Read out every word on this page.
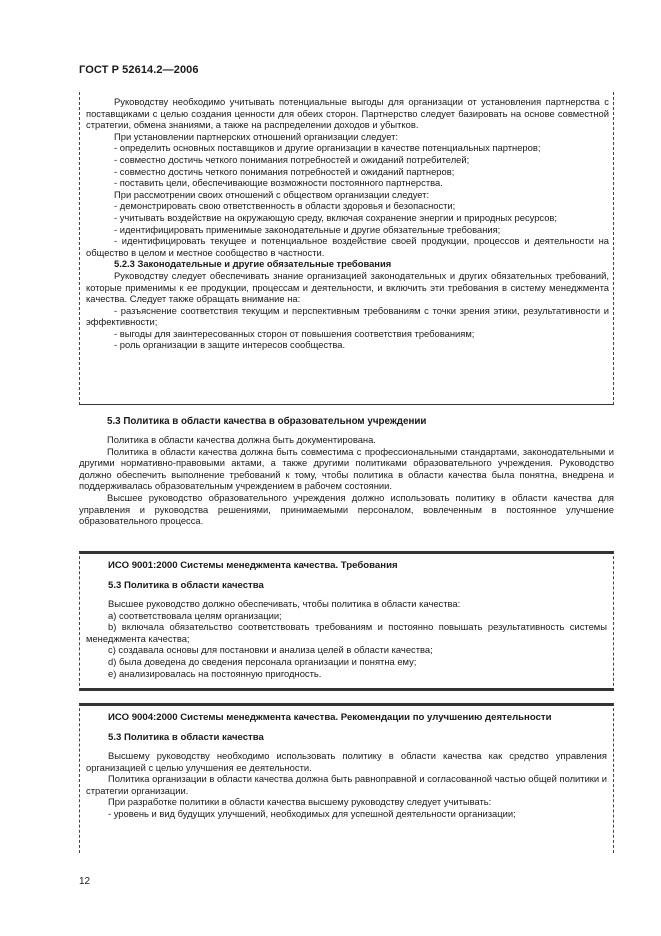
ГОСТ Р 52614.2—2006

Руководству необходимо учитывать потенциальные выгоды для организации от установления партнерства с поставщиками с целью создания ценности для обеих сторон. Партнерство следует базировать на основе совместной стратегии, обмена знаниями, а также на распределении доходов и убытков.

При установлении партнерских отношений организации следует:

- определить основных поставщиков и другие организации в качестве потенциальных партнеров;

- совместно достичь четкого понимания потребностей и ожиданий потребителей;

- совместно достичь четкого понимания потребностей и ожиданий партнеров;

- поставить цели, обеспечивающие возможности постоянного партнерства.

При рассмотрении своих отношений с обществом организации следует:

- демонстрировать свою ответственность в области здоровья и безопасности;

- учитывать воздействие на окружающую среду, включая сохранение энергии и природных ресурсов;

- идентифицировать применимые законодательные и другие обязательные требования;

- идентифицировать текущее и потенциальное воздействие своей продукции, процессов и деятельности на общество в целом и местное сообщество в частности.

5.2.3 Законодательные и другие обязательные требования

Руководству следует обеспечивать знание организацией законодательных и других обязательных требований, которые применимы к ее продукции, процессам и деятельности, и включить эти требования в систему менеджмента качества. Следует также обращать внимание на:

- разъяснение соответствия текущим и перспективным требованиям с точки зрения этики, результативности и эффективности;

- выгоды для заинтересованных сторон от повышения соответствия требованиям;

- роль организации в защите интересов сообщества.

5.3 Политика в области качества в образовательном учреждении

Политика в области качества должна быть документирована.

Политика в области качества должна быть совместима с профессиональными стандартами, законодательными и другими нормативно-правовыми актами, а также другими политиками образовательного учреждения. Руководство должно обеспечить выполнение требований к тому, чтобы политика в области качества была понятна, внедрена и поддерживалась образовательным учреждением в рабочем состоянии.

Высшее руководство образовательного учреждения должно использовать политику в области качества для управления и руководства решениями, принимаемыми персоналом, вовлеченным в постоянное улучшение образовательного процесса.

ИСО 9001:2000 Системы менеджмента качества. Требования

5.3 Политика в области качества

Высшее руководство должно обеспечивать, чтобы политика в области качества:

a) соответствовала целям организации;

b) включала обязательство соответствовать требованиям и постоянно повышать результативность системы менеджмента качества;

c) создавала основы для постановки и анализа целей в области качества;

d) была доведена до сведения персонала организации и понятна ему;

e) анализировалась на постоянную пригодность.

ИСО 9004:2000 Системы менеджмента качества. Рекомендации по улучшению деятельности

5.3 Политика в области качества

Высшему руководству необходимо использовать политику в области качества как средство управления организацией с целью улучшения ее деятельности.

Политика организации в области качества должна быть равноправной и согласованной частью общей политики и стратегии организации.

При разработке политики в области качества высшему руководству следует учитывать:

- уровень и вид будущих улучшений, необходимых для успешной деятельности организации;

12
